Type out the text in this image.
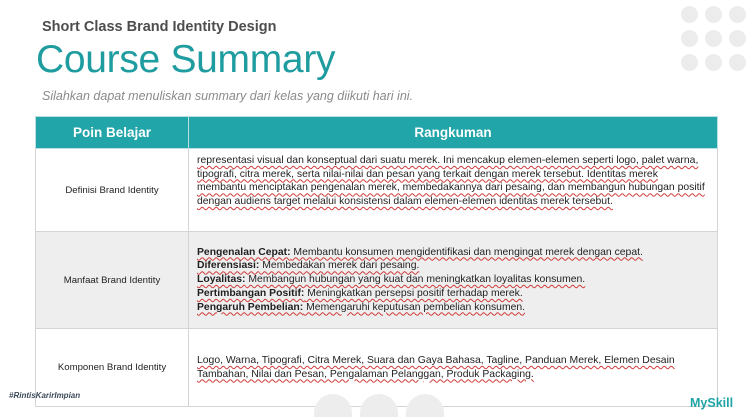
Short Class Brand Identity Design
Course Summary
Silahkan dapat menuliskan summary dari kelas yang diikuti hari ini.
Poin Belajar	Rangkuman
Definisi Brand Identity	representasi visual dan konseptual dari suatu merek. Ini mencakup elemen-elemen seperti logo, palet warna, tipografi, citra merek, serta nilai-nilai dan pesan yang terkait dengan merek tersebut. Identitas merek membantu menciptakan pengenalan merek, membedakannya dari pesaing, dan membangun hubungan positif dengan audiens target melalui konsistensi dalam elemen-elemen identitas merek tersebut.
Manfaat Brand Identity	Pengenalan Cepat: Membantu konsumen mengidentifikasi dan mengingat merek dengan cepat.

Diferensiasi: Membedakan merek dari pesaing.

Loyalitas: Membangun hubungan yang kuat dan meningkatkan loyalitas konsumen.

Pertimbangan Positif: Meningkatkan persepsi positif terhadap merek.

Pengaruh Pembelian: Memengaruhi keputusan pembelian konsumen.

Komponen Brand Identity	Logo, Warna, Tipografi, Citra Merek, Suara dan Gaya Bahasa, Tagline, Panduan Merek, Elemen Desain Tambahan, Nilai dan Pesan, Pengalaman Pelanggan, Produk Packaging.
#RintisKarirImpian
MySkill
